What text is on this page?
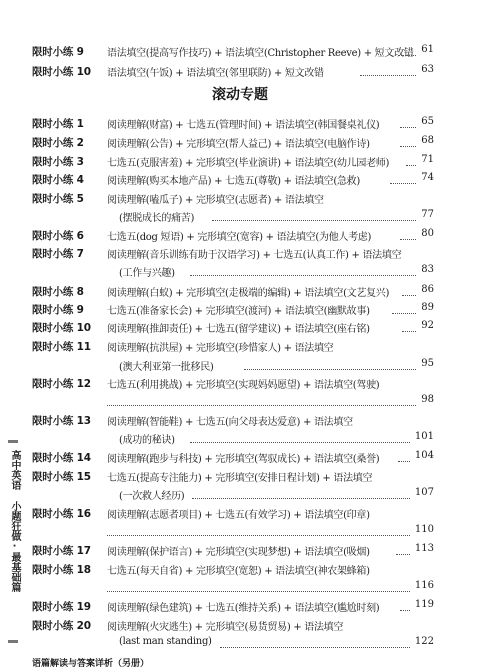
限时小练 9 语法填空(提高写作技巧) + 语法填空(Christopher Reeve) + 短文改错 61
限时小练 10 语法填空(午饭) + 语法填空(邻里联防) + 短文改错	63
滚动专题
限时小练 1 阅读理解(财富) + 七选五(管理时间) + 语法填空(韩国餐桌礼仪)	65
限时小练 2 阅读理解(公告) + 完形填空(帮人益己) + 语法填空(电脑作诗)	68
限时小练 3 七选五(克服害羞) + 完形填空(毕业演讲) + 语法填空(幼儿园老师)	71
限时小练 4 阅读理解(购买本地产品) + 七选五(尊敬) + 语法填空(急救)	74
限时小练 5 阅读理解(嗑瓜子) + 完形填空(志愿者) + 语法填空
(摆脱成长的痛苦)	77
限时小练 6 七选五(dog 短语) + 完形填空(宽容) + 语法填空(为他人考虑)	80
限时小练 7 阅读理解(音乐训练有助于汉语学习) + 七选五(认真工作) + 语法填空
(工作与兴趣)	83
限时小练 8 阅读理解(白蚁) + 完形填空(走极端的编辑) + 语法填空(文艺复兴)	86
限时小练 9 七选五(准备家长会) + 完形填空(渡河) + 语法填空(幽默故事)	89
限时小练 10 阅读理解(推卸责任) + 七选五(留学建议) + 语法填空(座右铭)	92
限时小练 11 阅读理解(抗洪屋) + 完形填空(珍惜家人) + 语法填空
(澳大利亚第一批移民)	95
限时小练 12 七选五(利用挑战) + 完形填空(实现妈妈愿望) + 语法填空(驾驶)
98
限时小练 13 阅读理解(智能鞋) + 七选五(向父母表达爱意) + 语法填空
(成功的秘诀)	101
限时小练 14 阅读理解(跑步与科技) + 完形填空(驾驭成长) + 语法填空(桑誉)	104
限时小练 15 七选五(提高专注能力) + 完形填空(安排日程计划) + 语法填空
(一次救人经历)	107
限时小练 16 阅读理解(志愿者项目) + 七选五(有效学习) + 语法填空(印章)
110
限时小练 17 阅读理解(保护语言) + 完形填空(实现梦想) + 语法填空(吸烟)	113
限时小练 18 七选五(每天自省) + 完形填空(宽恕) + 语法填空(神农架蜂箱)
116
限时小练 19 阅读理解(绿色建筑) + 七选五(维持关系) + 语法填空(尴尬时刻)	119
限时小练 20 阅读理解(火灾逃生) + 完形填空(易货贸易) + 语法填空
(last man standing)	122
高中英语 小题狂做·最基础篇
语篇解读与答案详析（另册）
